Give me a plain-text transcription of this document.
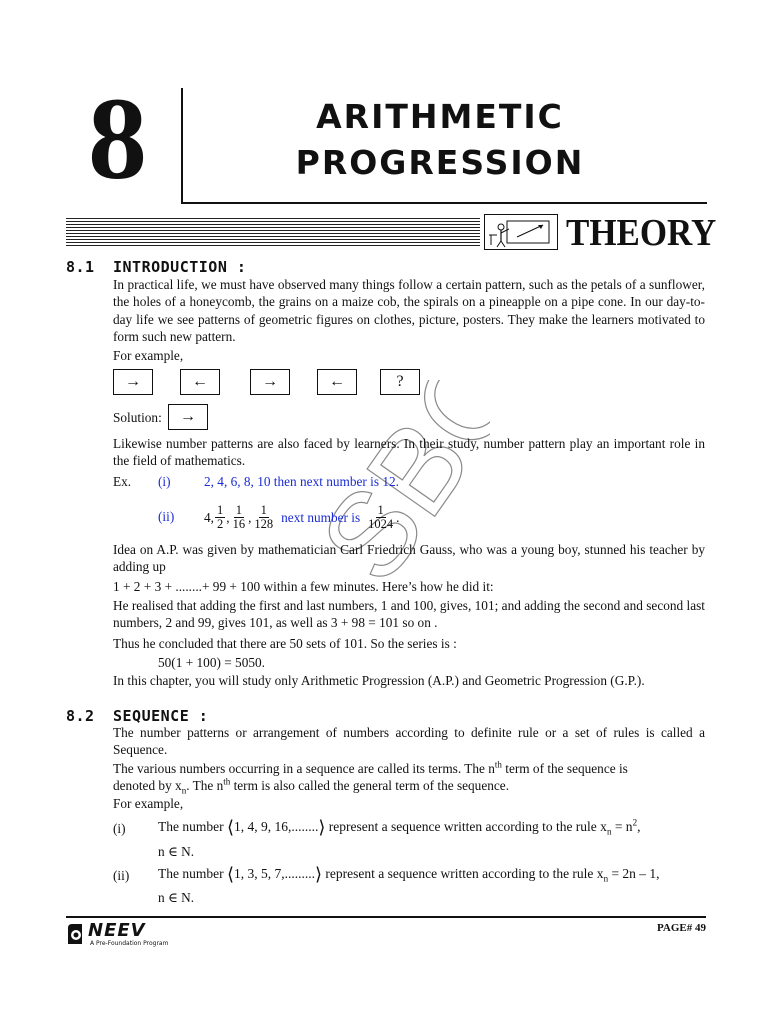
8	ARITHMETIC
PROGRESSION
THEORY
SBC
8.1 INTRODUCTION :
In practical life, we must have observed many things follow a certain pattern, such as the petals of a sunflower, the holes of a honeycomb, the grains on a maize cob, the spirals on a pineapple on a pipe cone. In our day-to-day life we see patterns of geometric figures on clothes, picture, posters. They make the learners motivated to form such new pattern.
For example,
→	←	→	←	?
Solution: →
Likewise number patterns are also faced by learners. In their study, number pattern play an important role in the field of mathematics.
Ex. (i)	2, 4, 6, 8, 10 then next number is 12.
(ii) 4, $\frac{1}{2}$ , $\frac{1}{16}$ , $\frac{1}{128}$ next number is $\frac{1}{1024}$ .
Idea on A.P. was given by mathematician Carl Friedrich Gauss, who was a young boy, stunned his teacher by adding up
1 + 2 + 3 + ........+ 99 + 100 within a few minutes. Here’s how he did it:
He realised that adding the first and last numbers, 1 and 100, gives, 101; and adding the second and second last numbers, 2 and 99, gives 101, as well as 3 + 98 = 101 so on .
Thus he concluded that there are 50 sets of 101. So the series is :
50(1 + 100) = 5050.
In this chapter, you will study only Arithmetic Progression (A.P.) and Geometric Progression (G.P.).
8.2 SEQUENCE :
The number patterns or arrangement of numbers according to definite rule or a set of rules is called a Sequence.
The various numbers occurring in a sequence are called its terms. The $n^{th}$ term of the sequence is
denoted by $x_n$. The $n^{th}$ term is also called the general term of the sequence.
For example,
(i) The number ⟨1, 4, 9, 16,........⟩ represent a sequence written according to the rule $x_n = n^2$,
n ∈ N.
(ii) The number ⟨1, 3, 5, 7,.........⟩ represent a sequence written according to the rule $x_n = 2n - 1$,
n ∈ N.
NEEV
A Pre-Foundation Program
PAGE# 49
